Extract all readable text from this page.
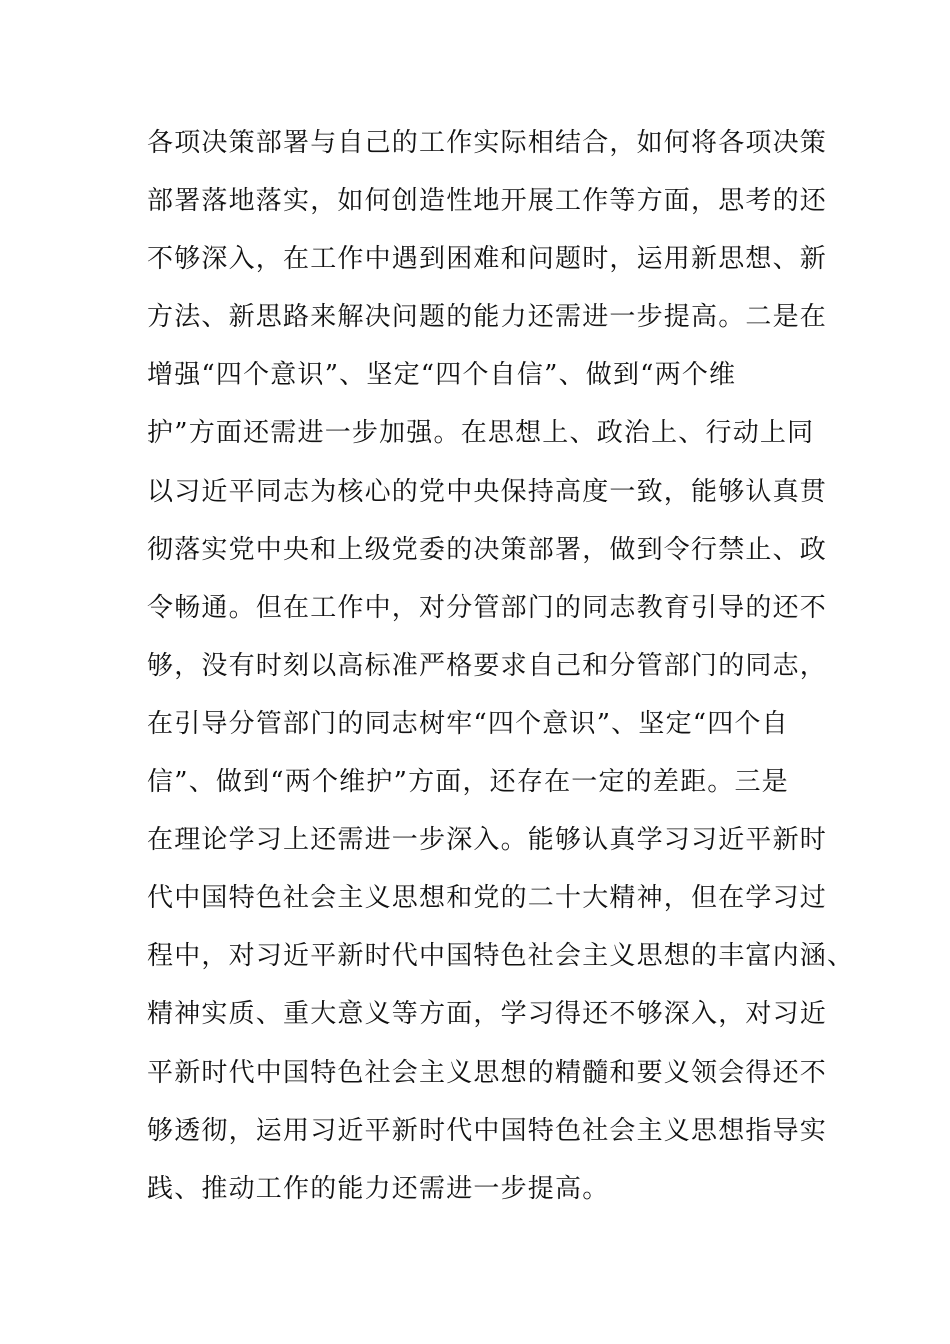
各项决策部署与自己的工作实际相结合，如何将各项决策
部署落地落实，如何创造性地开展工作等方面，思考的还
不够深入，在工作中遇到困难和问题时，运用新思想、新
方法、新思路来解决问题的能力还需进一步提高。二是在
增强“四个意识”、坚定“四个自信”、做到“两个维
护”方面还需进一步加强。在思想上、政治上、行动上同
以习近平同志为核心的党中央保持高度一致，能够认真贯
彻落实党中央和上级党委的决策部署，做到令行禁止、政
令畅通。但在工作中，对分管部门的同志教育引导的还不
够，没有时刻以高标准严格要求自己和分管部门的同志，
在引导分管部门的同志树牢“四个意识”、坚定“四个自
信”、做到“两个维护”方面，还存在一定的差距。三是
在理论学习上还需进一步深入。能够认真学习习近平新时
代中国特色社会主义思想和党的二十大精神，但在学习过
程中，对习近平新时代中国特色社会主义思想的丰富内涵、
精神实质、重大意义等方面，学习得还不够深入，对习近
平新时代中国特色社会主义思想的精髓和要义领会得还不
够透彻，运用习近平新时代中国特色社会主义思想指导实
践、推动工作的能力还需进一步提高。
